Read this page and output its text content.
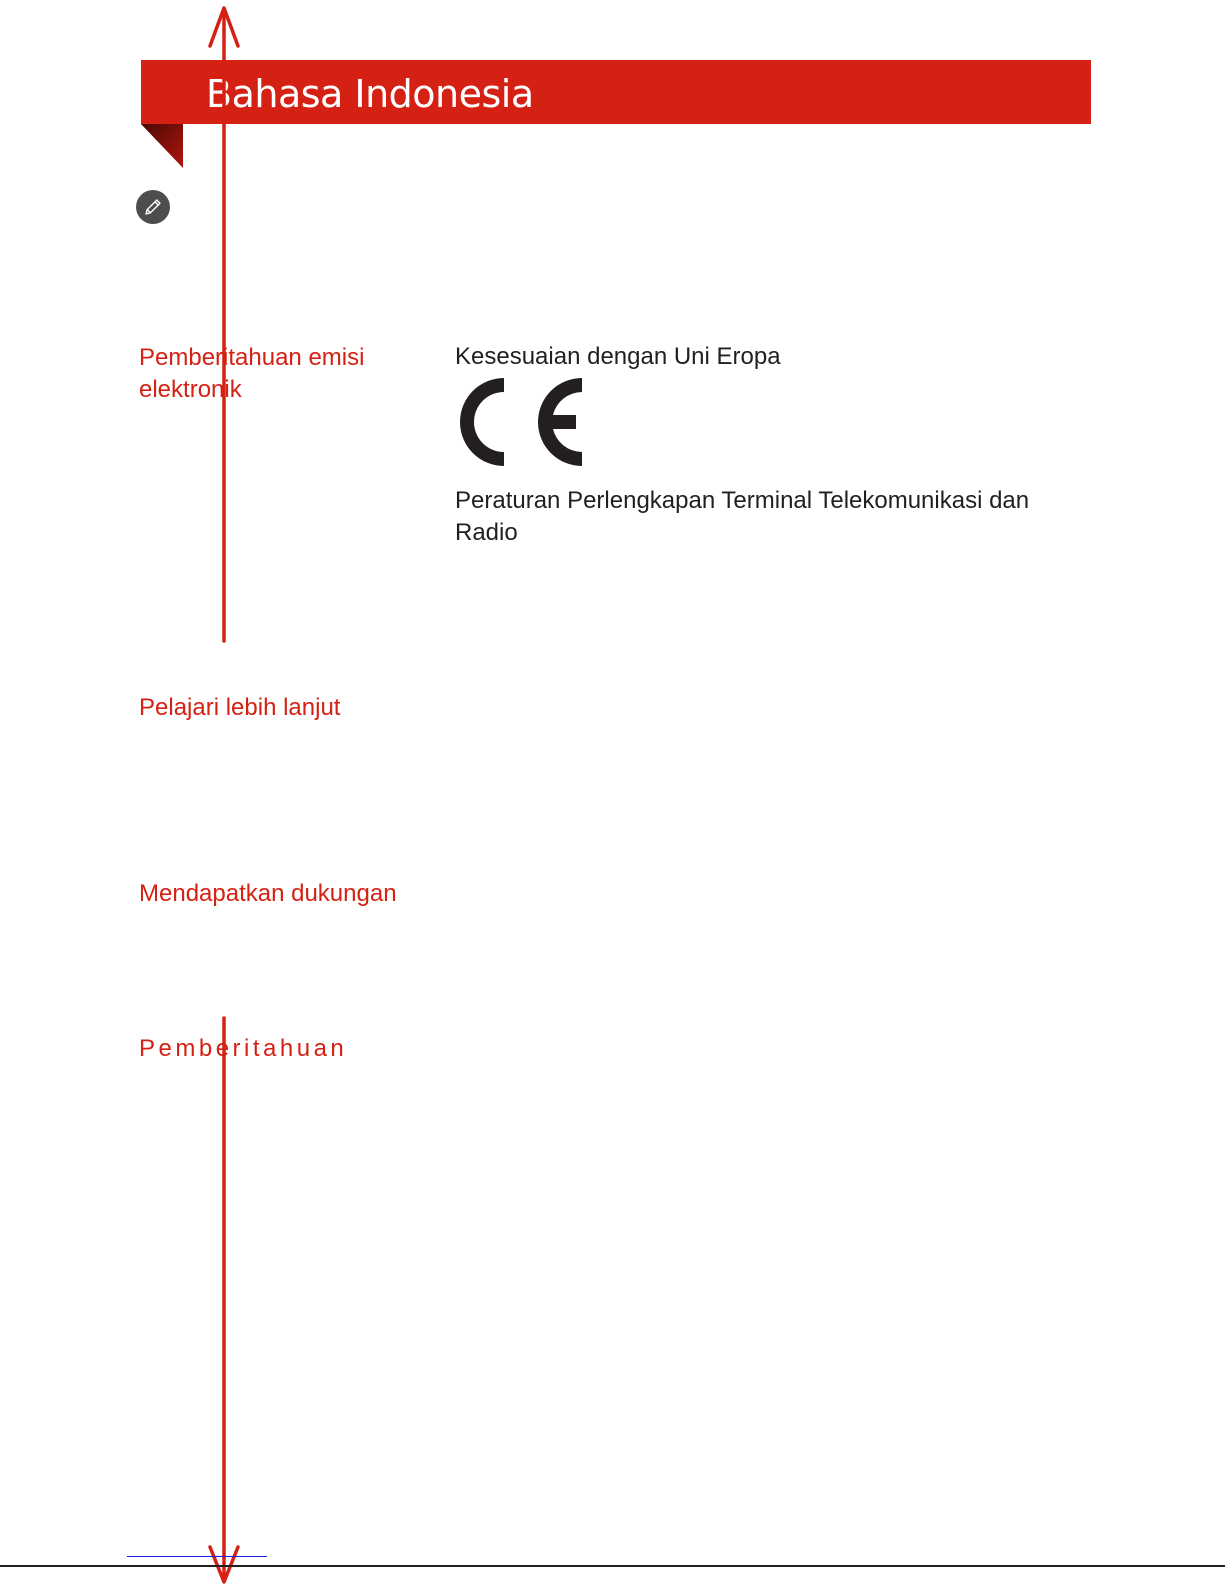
Bahasa Indonesia
Pemberitahuan emisi elektronik
Kesesuaian dengan Uni Eropa
Peraturan Perlengkapan Terminal Telekomunikasi dan Radio
Pelajari lebih lanjut
Mendapatkan dukungan
Pemberitahuan
